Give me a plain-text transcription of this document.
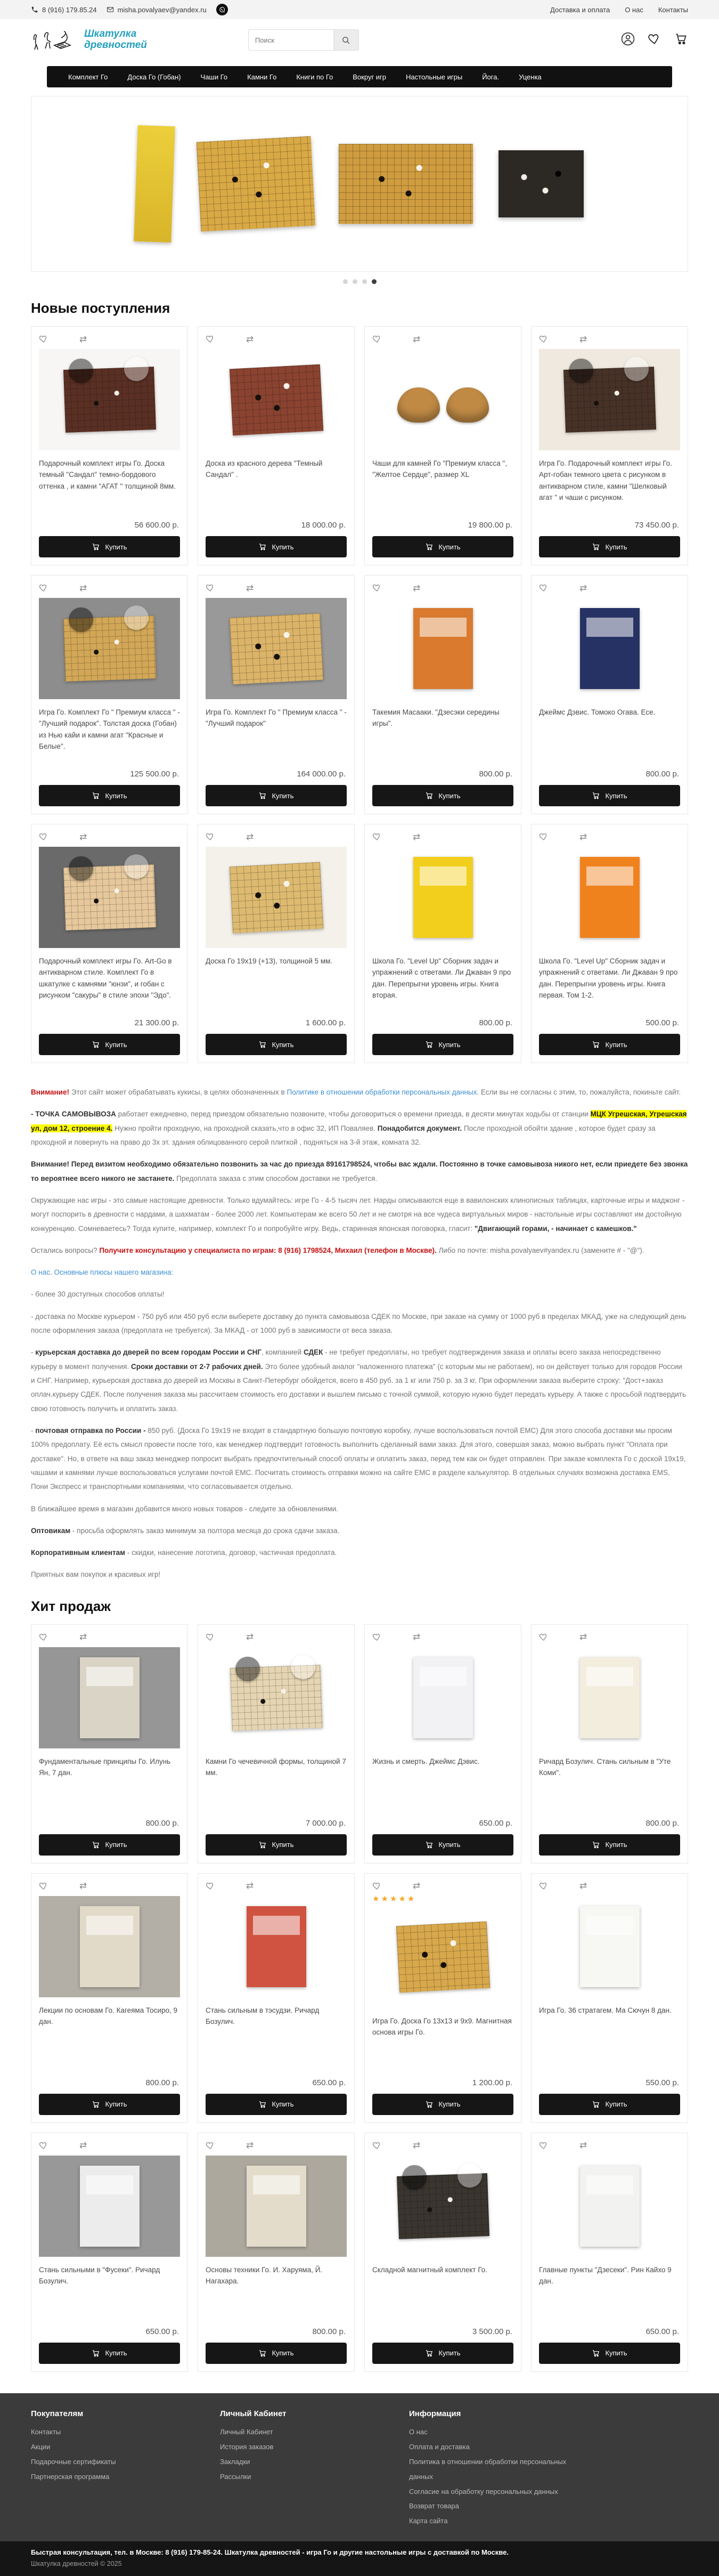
8 (916) 179.85.24	misha.povalyaev@yandex.ru	Доставка и оплата О нас Контакты
Шкатулка
древностей
Поиск
Комплект Го	Доска Го (Гобан)	Чаши Го	Камни Го	Книги по Го	Вокруг игр	Настольные игры	Йога.	Уценка
Новые поступления
⇄
Подарочный комплект игры Го. Доска темный "Сандал" темно-бордового оттенка , и камни "АГАТ " толщиной 8мм.
56 600.00 р.
Купить
⇄
Доска из красного дерева "Темный Сандал" .
18 000.00 р.
Купить
⇄
Чаши для камней Го "Премиум класса ", "Желтое Сердце", размер XL
19 800.00 р.
Купить
⇄
Игра Го. Подарочный комплект игры Го. Арт-гобан темного цвета с рисунком в антикварном стиле, камни "Шелковый агат " и чаши с рисунком.
73 450.00 р.
Купить
⇄
Игра Го. Комплект Го " Премиум класса " - "Лучший подарок". Толстая доска (Гобан) из Нью кайи и камни агат "Красные и Белые".
125 500.00 р.
Купить
⇄
Игра Го. Комплект Го " Премиум класса " - "Лучший подарок"
164 000.00 р.
Купить
⇄
Такемия Масааки. "Дзесэки середины игры".
800.00 р.
Купить
⇄
Джеймс Дэвис. Томоко Огава. Есе.
800.00 р.
Купить
⇄
Подарочный комплект игры Го. Art-Go в антикварном стиле. Комплект Го в шкатулке с камнями "юнзи", и гобан с рисунком "сакуры" в стиле эпохи "Эдо".
21 300.00 р.
Купить
⇄
Доска Го 19х19 (+13), толщиной 5 мм.
1 600.00 р.
Купить
⇄
Школа Го. "Level Up" Сборник задач и упражнений с ответами. Ли Джаван 9 про дан. Перепрыгни уровень игры. Книга вторая.
800.00 р.
Купить
⇄
Школа Го. "Level Up" Сборник задач и упражнений с ответами. Ли Джаван 9 про дан. Перепрыгни уровень игры. Книга первая. Том 1-2.
500.00 р.
Купить

Внимание! Этот сайт может обрабатывать кукисы, в целях обозначенных в Политике в отношении обработки персональных данных. Если вы не согласны с этим, то, пожалуйста, покиньте сайт.

- ТОЧКА САМОВЫВОЗА работает ежедневно, перед приездом обязательно позвоните, чтобы договориться о времени приезда, в десяти минутах ходьбы от станции МЦК Угрешская, Угрешская ул, дом 12, строение 4. Нужно пройти проходную, на проходной сказать,что в офис 32, ИП Поваляев. Понадобится документ. После проходной обойти здание , которое будет сразу за проходной и повернуть на право до 3х эт. здания облицованного серой плиткой , подняться на 3-й этаж, комната 32.

Внимание! Перед визитом необходимо обязательно позвонить за час до приезда 89161798524, чтобы вас ждали. Постоянно в точке самовывоза никого нет, если приедете без звонка то вероятнее всего никого не застанете. Предоплата заказа с этим способом доставки не требуется.

Окружающие нас игры - это самые настоящие древности. Только вдумайтесь: игре Го - 4-5 тысяч лет. Нарды описываются еще в вавилонских клинописных таблицах, карточные игры и маджонг - могут поспорить в древности с нардами, а шахматам - более 2000 лет. Компьютерам же всего 50 лет и не смотря на все чудеса виртуальных миров - настольные игры составляют им достойную конкуренцию. Сомневаетесь? Тогда купите, например, комплект Го и попробуйте игру. Ведь, старинная японская поговорка, гласит: "Двигающий горами, - начинает с камешков."

Остались вопросы? Получите консультацию у специалиста по играм: 8 (916) 1798524, Михаил (телефон в Москве). Либо по почте: misha.povalyaev#yandex.ru (замените # - "@").

О нас. Основные плюсы нашего магазина:

- более 30 доступных способов оплаты!

- доставка по Москве курьером - 750 руб или 450 руб если выберете доставку до пункта самовывоза СДЕК по Москве, при заказе на сумму от 1000 руб в пределах МКАД, уже на следующий день после оформления заказа (предоплата не требуется). За МКАД - от 1000 руб в зависимости от веса заказа.

- курьерская доставка до дверей по всем городам России и СНГ, компанией СДЕК - не требует предоплаты, но требует подтверждения заказа и оплаты всего заказа непосредственно курьеру в момент получения. Сроки доставки от 2-7 рабочих дней. Это более удобный аналог "наложенного платежа" (с которым мы не работаем), но он действует только для городов России и СНГ. Например, курьерская доставка до дверей из Москвы в Санкт-Петербург обойдется, всего в 450 руб. за 1 кг или 750 р. за 3 кг. При оформлении заказа выберите строку: "Дост+заказ оплач.курьеру СДЕК. После получения заказа мы рассчитаем стоимость его доставки и вышлем письмо с точной суммой, которую нужно будет передать курьеру. А также с просьбой подтвердить свою готовность получить и оплатить заказ.

- почтовая отправка по России - 850 руб. (Доска Го 19x19 не входит в стандартную большую почтовую коробку, лучше воспользоваться почтой ЕМС) Для этого способа доставки мы просим 100% предоплату. Её есть смысл провести после того, как менеджер подтвердит готовность выполнить сделанный вами заказ. Для этого, совершая заказ, можно выбрать пункт "Оплата при доставке". Но, в ответе на ваш заказ менеджер попросит выбрать предпочтительный способ оплаты и оплатить заказ, перед тем как он будет отправлен. При заказе комплекта Го с доской 19x19, чашами и камнями лучше воспользоваться услугами почтой ЕМС. Посчитать стоимость отправки можно на сайте ЕМС в разделе калькулятор. В отдельных случаях возможна доставка EMS, Пони Экспресс и транспортными компаниями, что согласовывается отдельно.

В ближайшее время в магазин добавится много новых товаров - следите за обновлениями.

Оптовикам - просьба оформлять заказ минимум за полтора месяца до срока сдачи заказа.

Корпоративным клиентам - скидки, нанесение логотипа, договор, частичная предоплата.

Приятных вам покупок и красивых игр!

Хит продаж
⇄
Фундаментальные принципы Го. Илунь Ян, 7 дан.
800.00 р.
Купить
⇄
Камни Го чечевичной формы, толщиной 7 мм.
7 000.00 р.
Купить
⇄
Жизнь и смерть. Джеймс Дэвис.
650.00 р.
Купить
⇄
Ричард Бозулич. Стань сильным в "Уте Коми".
800.00 р.
Купить
⇄
Лекции по основам Го. Кагеяма Тосиро, 9 дан.
800.00 р.
Купить
⇄
Стань сильным в тэсудзи. Ричард Бозулич.
650.00 р.
Купить
⇄
★★★★★
Игра Го. Доска Го 13х13 и 9х9. Магнитная основа игры Го.
1 200.00 р.
Купить
⇄
Игра Го. 36 стратагем. Ма Сючун 8 дан.
550.00 р.
Купить
⇄
Стань сильными в "Фусеки". Ричард Бозулич.
650.00 р.
Купить
⇄
Основы техники Го. И. Харуяма, Й. Нагахара.
800.00 р.
Купить
⇄
Складной магнитный комплект Го.
3 500.00 р.
Купить
⇄
Главные пункты "Дзесеки". Рин Кайхо 9 дан.
650.00 р.
Купить
Покупателям
Контакты
Акции
Подарочные сертификаты
Партнерская программа
Личный Кабинет
Личный Кабинет
История заказов
Закладки
Рассылки
Информация
О нас
Оплата и доставка
Политика в отношении обработки персональных данных
Согласие на обработку персональных данных
Возврат товара
Карта сайта
Быстрая консультация, тел. в Москве: 8 (916) 179-85-24. Шкатулка древностей - игра Го и другие настольные игры с доставкой по Москве.
Шкатулка древностей © 2025
